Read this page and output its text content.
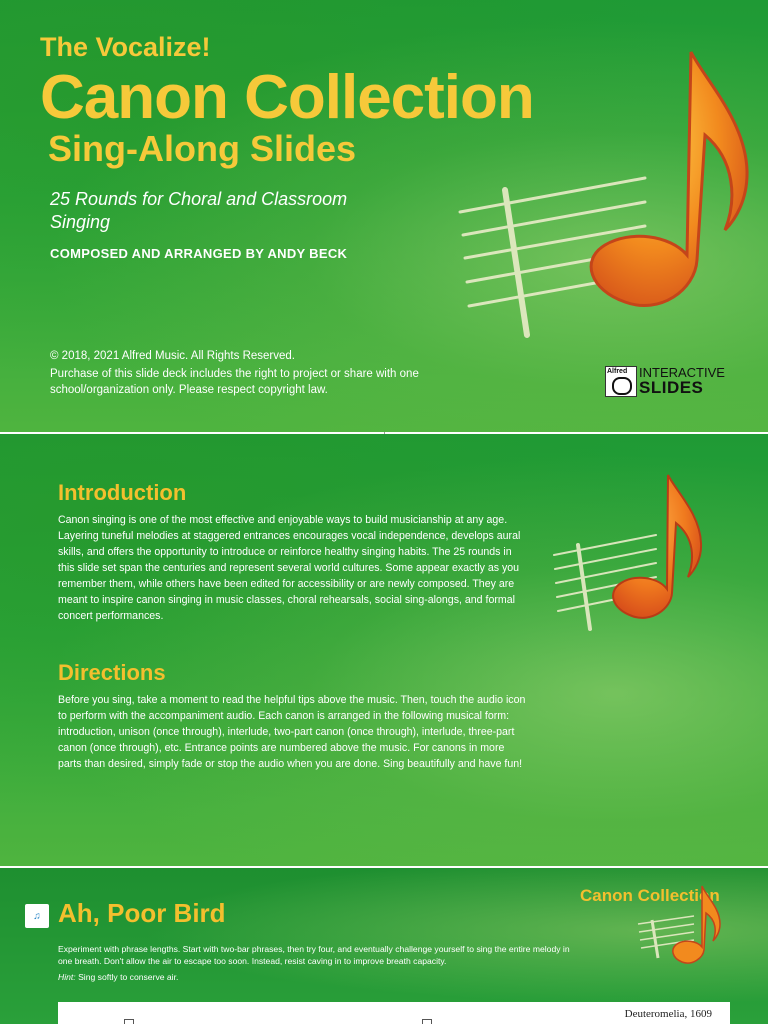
The Vocalize!
Canon Collection
Sing-Along Slides
25 Rounds for Choral and Classroom Singing
COMPOSED AND ARRANGED BY ANDY BECK
© 2018, 2021 Alfred Music. All Rights Reserved.
Purchase of this slide deck includes the right to project or share with one school/organization only. Please respect copyright law.
Alfred INTERACTIVE
SLIDES
Introduction
Canon singing is one of the most effective and enjoyable ways to build musicianship at any age. Layering tuneful melodies at staggered entrances encourages vocal independence, develops aural skills, and offers the opportunity to introduce or reinforce healthy singing habits. The 25 rounds in this slide set span the centuries and represent several world cultures. Some appear exactly as you remember them, while others have been edited for accessibility or are newly composed. They are meant to inspire canon singing in music classes, choral rehearsals, social sing-alongs, and formal concert performances.
Directions
Before you sing, take a moment to read the helpful tips above the music. Then, touch the audio icon to perform with the accompaniment audio. Each canon is arranged in the following musical form: introduction, unison (once through), interlude, two-part canon (once through), interlude, three-part canon (once through), etc. Entrance points are numbered above the music. For canons in more parts than desired, simply fade or stop the audio when you are done. Sing beautifully and have fun!
♫ Ah, Poor Bird
Canon Collection
Experiment with phrase lengths. Start with two-bar phrases, then try four, and eventually challenge yourself to sing the entire melody in one breath. Don't allow the air to escape too soon. Instead, resist caving in to improve breath capacity.
Hint: Sing softly to conserve air.
Deuteromelia, 1609
